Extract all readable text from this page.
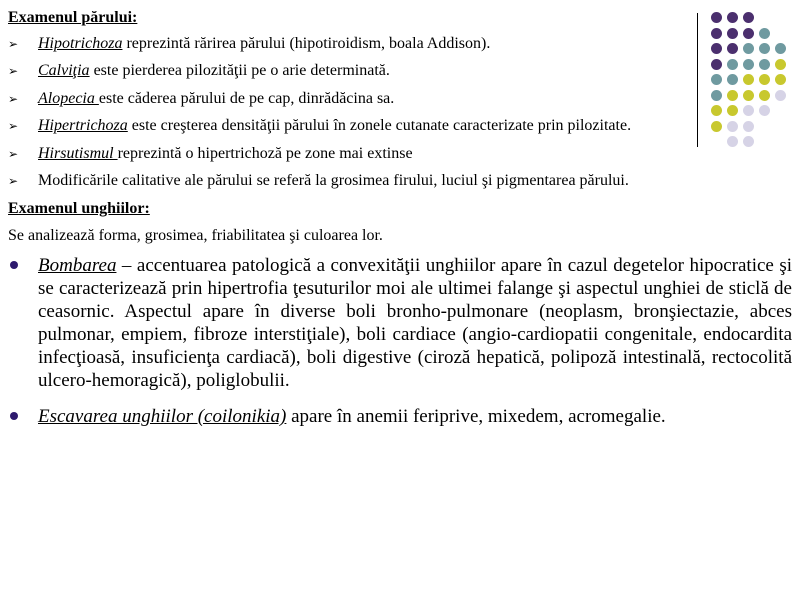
Examenul părului:
➢ Hipotrichoza reprezintă rărirea părului (hipotiroidism, boala Addison).
➢ Calviţia este pierderea pilozităţii pe o arie determinată.
➢ Alopecia este căderea părului de pe cap, dinrădăcina sa.
➢ Hipertrichoza este creşterea densităţii părului în zonele cutanate caracterizate prin pilozitate.
➢ Hirsutismul reprezintă o hipertrichoză pe zone mai extinse
➢ Modificările calitative ale părului se referă la grosimea firului, luciul şi pigmentarea părului.
Examenul unghiilor:

Se analizează forma, grosimea, friabilitatea şi culoarea lor.

Bombarea – accentuarea patologică a convexităţii unghiilor apare în cazul degetelor hipocratice şi se caracterizează prin hipertrofia ţesuturilor moi ale ultimei falange şi aspectul unghiei de sticlă de ceasornic. Aspectul apare în diverse boli bronho-pulmonare (neoplasm, bronşiectazie, abces pulmonar, empiem, fibroze interstiţiale), boli cardiace (angio-cardiopatii congenitale, endocardita infecţioasă, insuficienţa cardiacă), boli digestive (ciroză hepatică, polipoză intestinală, rectocolită ulcero-hemoragică), poliglobulii.
Escavarea unghiilor (coilonikia) apare în anemii feriprive, mixedem, acromegalie.
